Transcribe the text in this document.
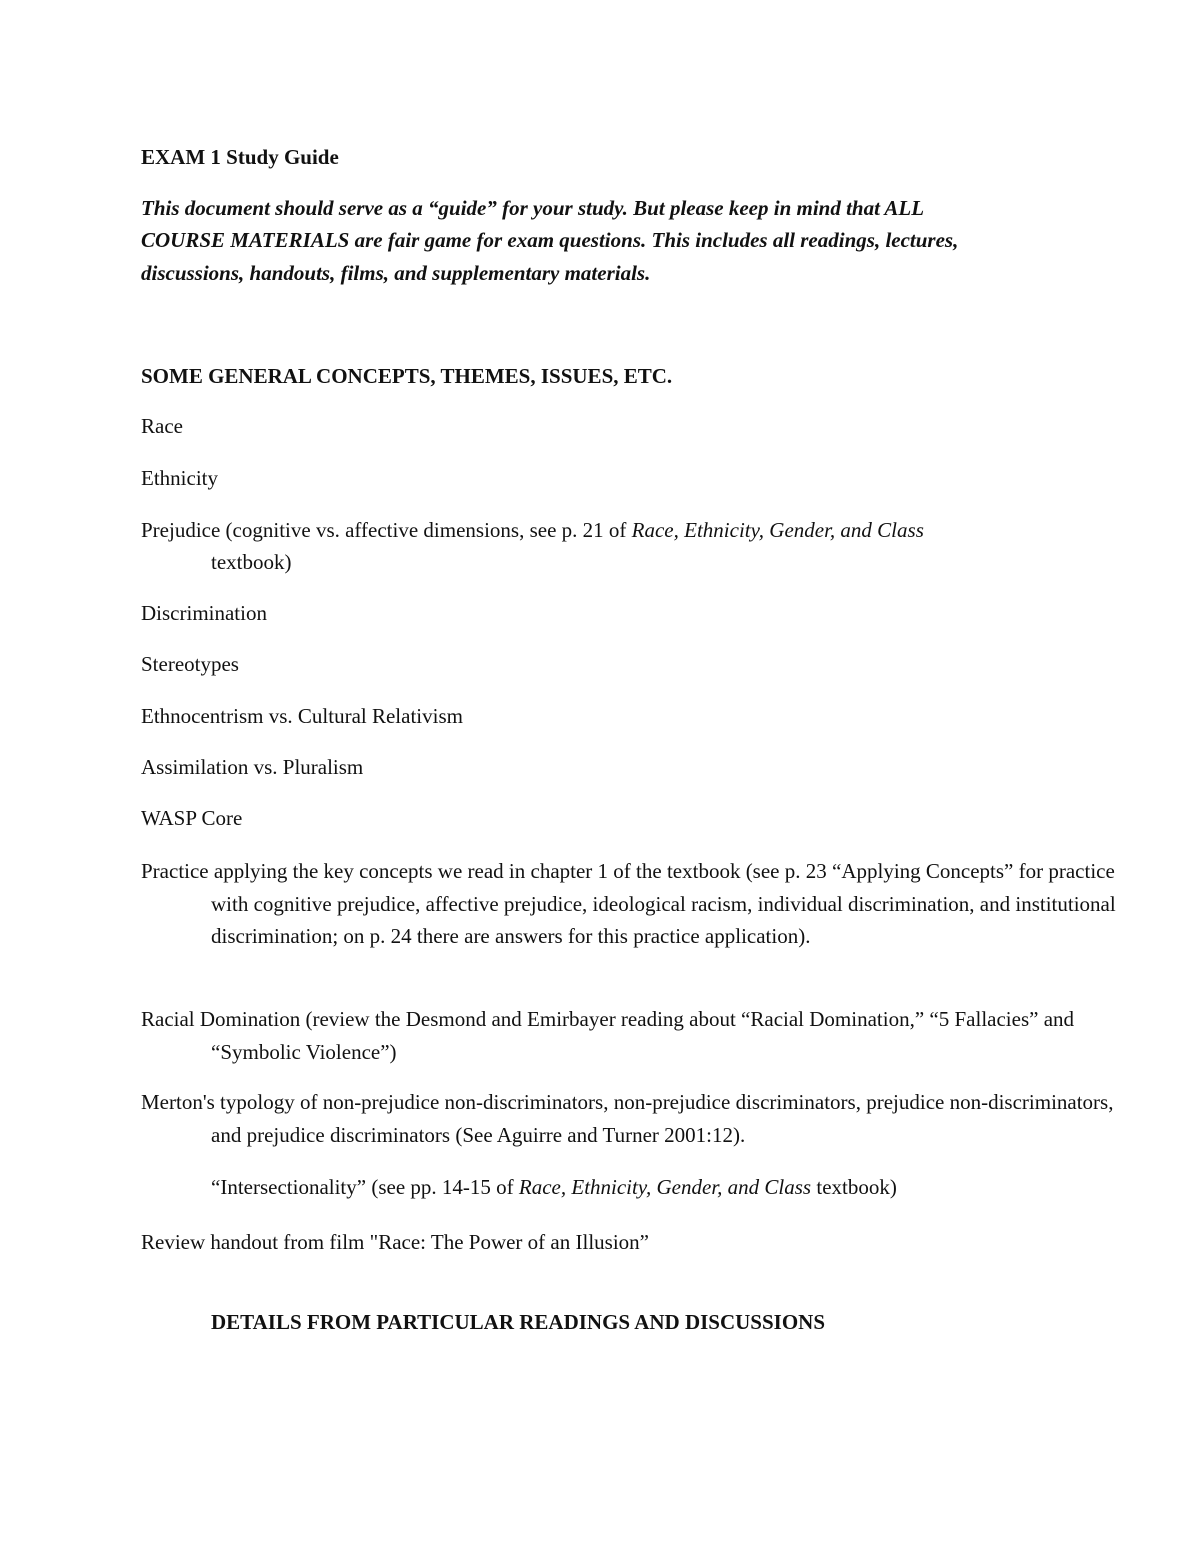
EXAM 1 Study Guide

This document should serve as a “guide” for your study. But please keep in mind that ALL

COURSE MATERIALS are fair game for exam questions. This includes all readings, lectures,

discussions, handouts, films, and supplementary materials.

SOME GENERAL CONCEPTS, THEMES, ISSUES, ETC.

Race

Ethnicity

Prejudice (cognitive vs. affective dimensions, see p. 21 of Race, Ethnicity, Gender, and Class

textbook)

Discrimination

Stereotypes

Ethnocentrism vs. Cultural Relativism

Assimilation vs. Pluralism

WASP Core

Practice applying the key concepts we read in chapter 1 of the textbook (see p. 23 “Applying Concepts” for practice with cognitive prejudice, affective prejudice, ideological racism, individual discrimination, and institutional discrimination; on p. 24 there are answers for this practice application).

Racial Domination (review the Desmond and Emirbayer reading about “Racial Domination,” “5 Fallacies” and “Symbolic Violence”)

Merton's typology of non-prejudice non-discriminators, non-prejudice discriminators, prejudice non-discriminators, and prejudice discriminators (See Aguirre and Turner 2001:12).

“Intersectionality” (see pp. 14-15 of Race, Ethnicity, Gender, and Class textbook)

Review handout from film "Race: The Power of an Illusion”

DETAILS FROM PARTICULAR READINGS AND DISCUSSIONS
